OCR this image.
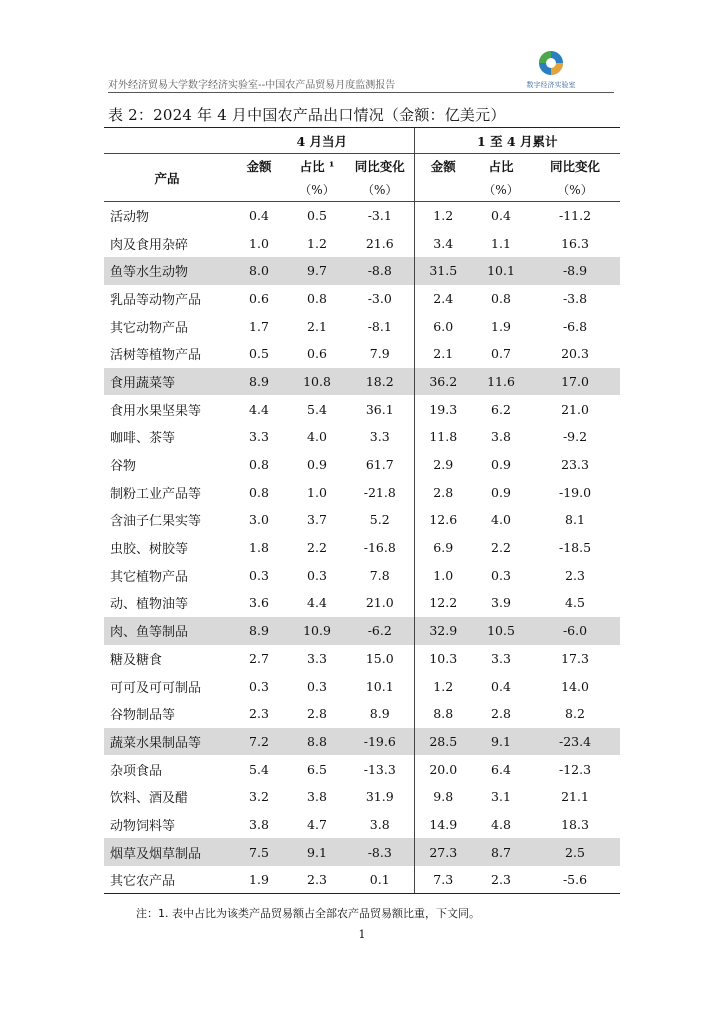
对外经济贸易大学数字经济实验室--中国农产品贸易月度监测报告	数字经济实验室
表 2：2024 年 4 月中国农产品出口情况（金额：亿美元）

	4 月当月			1 至 4 月累计		
产品	金额	占比 ¹	同比变化	金额	占比	同比变化
		（%）	（%）		（%）	（%）
活动物	0.4	0.5	-3.1	1.2	0.4	-11.2
肉及食用杂碎	1.0	1.2	21.6	3.4	1.1	16.3
鱼等水生动物	8.0	9.7	-8.8	31.5	10.1	-8.9
乳品等动物产品	0.6	0.8	-3.0	2.4	0.8	-3.8
其它动物产品	1.7	2.1	-8.1	6.0	1.9	-6.8
活树等植物产品	0.5	0.6	7.9	2.1	0.7	20.3
食用蔬菜等	8.9	10.8	18.2	36.2	11.6	17.0
食用水果坚果等	4.4	5.4	36.1	19.3	6.2	21.0
咖啡、茶等	3.3	4.0	3.3	11.8	3.8	-9.2
谷物	0.8	0.9	61.7	2.9	0.9	23.3
制粉工业产品等	0.8	1.0	-21.8	2.8	0.9	-19.0
含油子仁果实等	3.0	3.7	5.2	12.6	4.0	8.1
虫胶、树胶等	1.8	2.2	-16.8	6.9	2.2	-18.5
其它植物产品	0.3	0.3	7.8	1.0	0.3	2.3
动、植物油等	3.6	4.4	21.0	12.2	3.9	4.5
肉、鱼等制品	8.9	10.9	-6.2	32.9	10.5	-6.0
糖及糖食	2.7	3.3	15.0	10.3	3.3	17.3
可可及可可制品	0.3	0.3	10.1	1.2	0.4	14.0
谷物制品等	2.3	2.8	8.9	8.8	2.8	8.2
蔬菜水果制品等	7.2	8.8	-19.6	28.5	9.1	-23.4
杂项食品	5.4	6.5	-13.3	20.0	6.4	-12.3
饮料、酒及醋	3.2	3.8	31.9	9.8	3.1	21.1
动物饲料等	3.8	4.7	3.8	14.9	4.8	18.3
烟草及烟草制品	7.5	9.1	-8.3	27.3	8.7	2.5
其它农产品	1.9	2.3	0.1	7.3	2.3	-5.6
注：1. 表中占比为该类产品贸易额占全部农产品贸易额比重，下文同。
1
